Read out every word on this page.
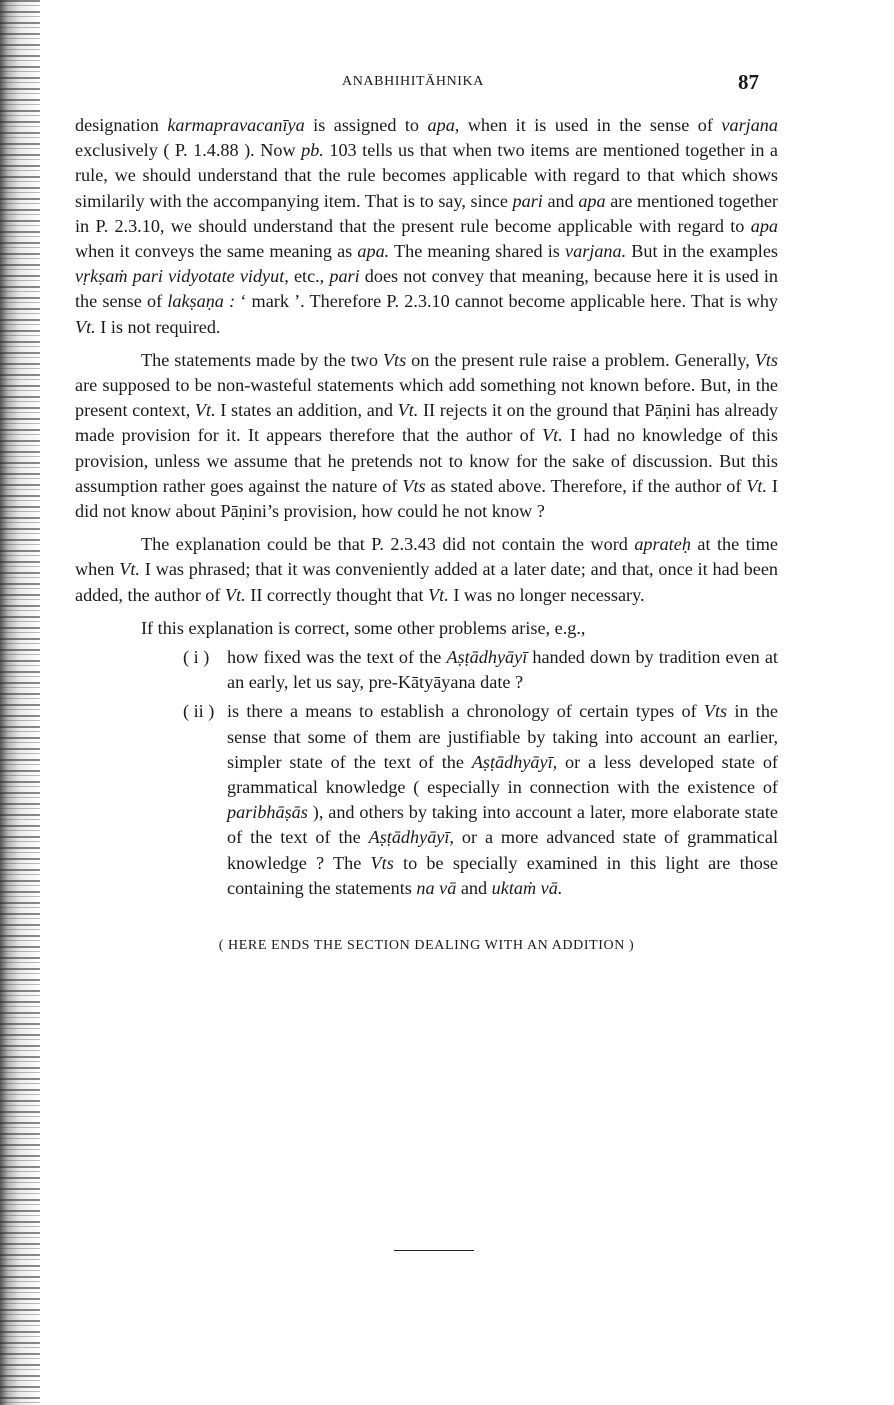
ANABHIHITĀHNIKA	87

designation karmapravacanīya is assigned to apa, when it is used in the sense of varjana exclusively ( P. 1.4.88 ). Now pb. 103 tells us that when two items are mentioned together in a rule, we should understand that the rule becomes applicable with regard to that which shows similarily with the accompanying item. That is to say, since pari and apa are mentioned together in P. 2.3.10, we should understand that the present rule become applicable with regard to apa when it conveys the same meaning as apa. The meaning shared is varjana. But in the examples vṛkṣaṁ pari vidyotate vidyut, etc., pari does not convey that meaning, because here it is used in the sense of lakṣaṇa : ‘ mark ’. Therefore P. 2.3.10 cannot become applicable here. That is why Vt. I is not required.

The statements made by the two Vts on the present rule raise a problem. Generally, Vts are supposed to be non-wasteful statements which add something not known before. But, in the present context, Vt. I states an addition, and Vt. II rejects it on the ground that Pāṇini has already made provision for it. It appears therefore that the author of Vt. I had no knowledge of this provision, unless we assume that he pretends not to know for the sake of discussion. But this assumption rather goes against the nature of Vts as stated above. Therefore, if the author of Vt. I did not know about Pāṇini’s provision, how could he not know ?

The explanation could be that P. 2.3.43 did not contain the word aprateḥ at the time when Vt. I was phrased; that it was conveniently added at a later date; and that, once it had been added, the author of Vt. II correctly thought that Vt. I was no longer necessary.

If this explanation is correct, some other problems arise, e.g.,

( i ) how fixed was the text of the Aṣṭādhyāyī handed down by tradition even at an early, let us say, pre-Kātyāyana date ?
( ii ) is there a means to establish a chronology of certain types of Vts in the sense that some of them are justifiable by taking into account an earlier, simpler state of the text of the Aṣṭādhyāyī, or a less developed state of grammatical knowledge ( especially in connection with the existence of paribhāṣās ), and others by taking into account a later, more elaborate state of the text of the Aṣṭādhyāyī, or a more advanced state of grammatical knowledge ? The Vts to be specially examined in this light are those containing the statements na vā and uktaṁ vā.
( HERE ENDS THE SECTION DEALING WITH AN ADDITION )
